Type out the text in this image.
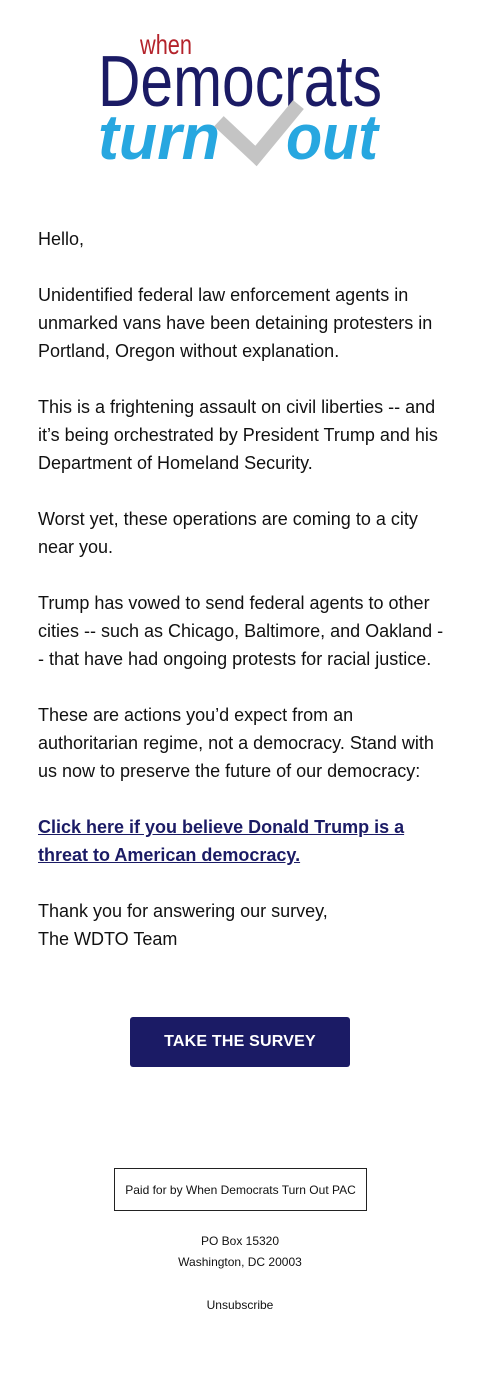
when
Democrats
turn out

Hello,

Unidentified federal law enforcement agents in unmarked vans have been detaining protesters in Portland, Oregon without explanation.

This is a frightening assault on civil liberties -- and it’s being orchestrated by President Trump and his Department of Homeland Security.

Worst yet, these operations are coming to a city near you.

Trump has vowed to send federal agents to other cities -- such as Chicago, Baltimore, and Oakland -- that have had ongoing protests for racial justice.

These are actions you’d expect from an authoritarian regime, not a democracy. Stand with us now to preserve the future of our democracy:

Click here if you believe Donald Trump is a threat to American democracy.

Thank you for answering our survey,
The WDTO Team

TAKE THE SURVEY
Paid for by When Democrats Turn Out PAC
PO Box 15320
Washington, DC 20003
Unsubscribe
